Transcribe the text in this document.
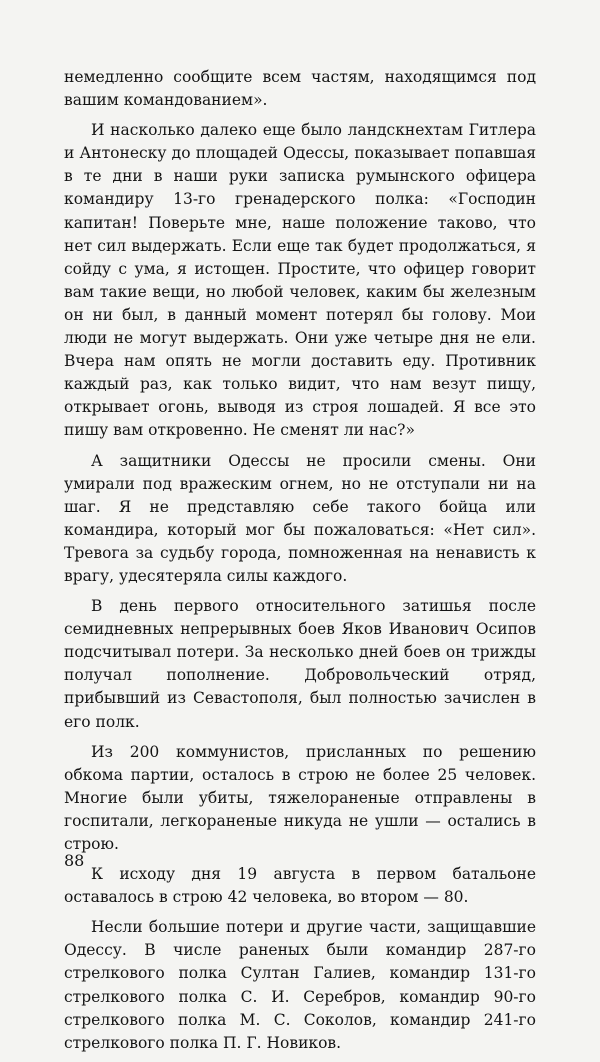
немедленно сообщите всем частям, находящимся под вашим командованием».

И насколько далеко еще было ландскнехтам Гитлера и Антонеску до площадей Одессы, показывает попавшая в те дни в наши руки записка румынского офицера командиру 13-го гренадерского полка: «Господин капитан! Поверьте мне, наше положение таково, что нет сил выдержать. Если еще так будет продолжаться, я сойду с ума, я истощен. Простите, что офицер говорит вам такие вещи, но любой человек, каким бы железным он ни был, в данный момент потерял бы голову. Мои люди не могут выдержать. Они уже четыре дня не ели. Вчера нам опять не могли доставить еду. Противник каждый раз, как только видит, что нам везут пищу, открывает огонь, выводя из строя лошадей. Я все это пишу вам откровенно. Не сменят ли нас?»

А защитники Одессы не просили смены. Они умирали под вражеским огнем, но не отступали ни на шаг. Я не представляю себе такого бойца или командира, который мог бы пожаловаться: «Нет сил». Тревога за судьбу города, помноженная на ненависть к врагу, удесятеряла силы каждого.

В день первого относительного затишья после семидневных непрерывных боев Яков Иванович Осипов подсчитывал потери. За несколько дней боев он трижды получал пополнение. Добровольческий отряд, прибывший из Севастополя, был полностью зачислен в его полк.

Из 200 коммунистов, присланных по решению обкома партии, осталось в строю не более 25 человек. Многие были убиты, тяжелораненые отправлены в госпитали, легкораненые никуда не ушли — остались в строю.

К исходу дня 19 августа в первом батальоне оставалось в строю 42 человека, во втором — 80.

Несли большие потери и другие части, защищавшие Одессу. В числе раненых были командир 287-го стрелкового полка Султан Галиев, командир 131-го стрелкового полка С. И. Серебров, командир 90-го стрелкового полка М. С. Соколов, командир 241-го стрелкового полка П. Г. Новиков.

88
